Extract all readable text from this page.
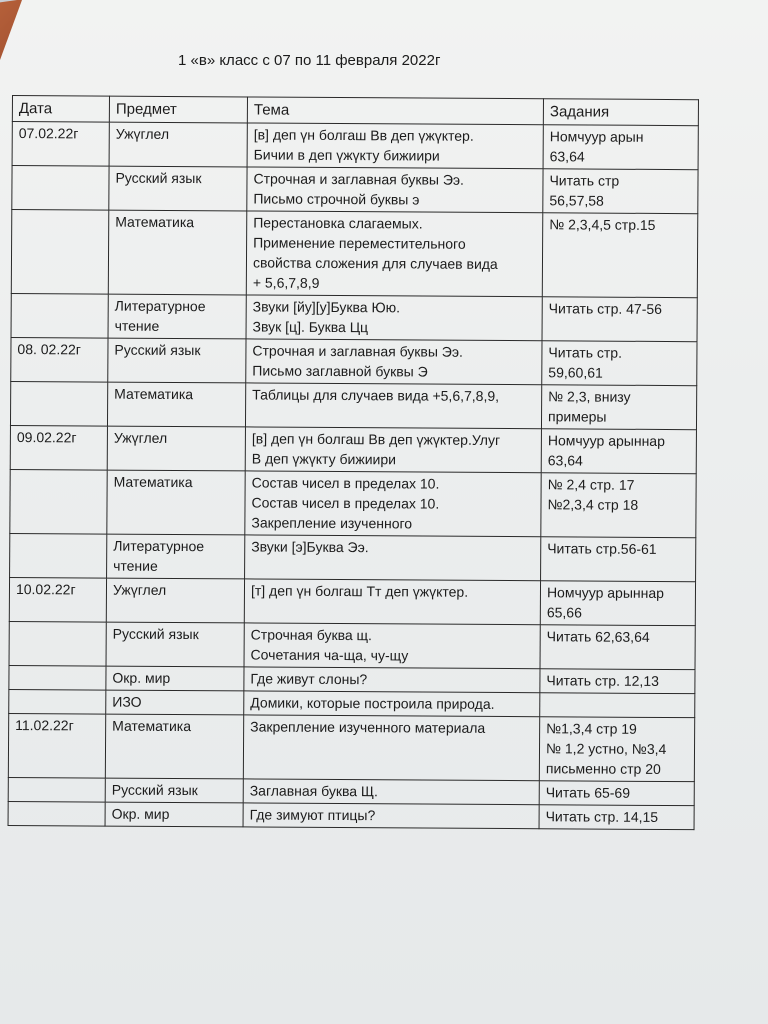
1 «в» класс с 07 по 11 февраля 2022г
Дата	Предмет	Тема	Задания
07.02.22г	Ужүглел	[в] деп үн болгаш Вв деп үжүктер.
Бичии в деп үжүкту бижиири	Номчуур арын
63,64

	Русский язык	Строчная и заглавная буквы Ээ.
Письмо строчной буквы э	Читать стр
56,57,58

	Математика	Перестановка слагаемых.
Применение переместительного
свойства сложения для случаев вида
+ 5,6,7,8,9	№ 2,3,4,5 стр.15

	Литературное
чтение	Звуки [йу][у]Буква Юю.
Звук [ц]. Буква Цц	Читать стр. 47-56

08. 02.22г	Русский язык	Строчная и заглавная буквы Ээ.
Письмо заглавной буквы Э	Читать стр.
59,60,61

	Математика	Таблицы для случаев вида +5,6,7,8,9,	№ 2,3, внизу
примеры

09.02.22г	Ужүглел	[в] деп үн болгаш Вв деп үжүктер.Улуг
В деп үжүкту бижиири	Номчуур арыннар
63,64

	Математика	Состав чисел в пределах 10.
Состав чисел в пределах 10.
Закрепление изученного	№ 2,4 стр. 17
№2,3,4 стр 18

	Литературное
чтение	Звуки [э]Буква Ээ.	Читать стр.56-61

10.02.22г	Ужүглел	[т] деп үн болгаш Тт деп үжүктер.	Номчуур арыннар
65,66

	Русский язык	Строчная буква щ.
Сочетания ча-ща, чу-щу	Читать 62,63,64

	Окр. мир	Где живут слоны?	Читать стр. 12,13

	ИЗО	Домики, которые построила природа.	

11.02.22г	Математика	Закрепление изученного материала	№1,3,4 стр 19
№ 1,2 устно, №3,4
письменно стр 20

	Русский язык	Заглавная буква Щ.	Читать 65-69

	Окр. мир	Где зимуют птицы?	Читать стр. 14,15
